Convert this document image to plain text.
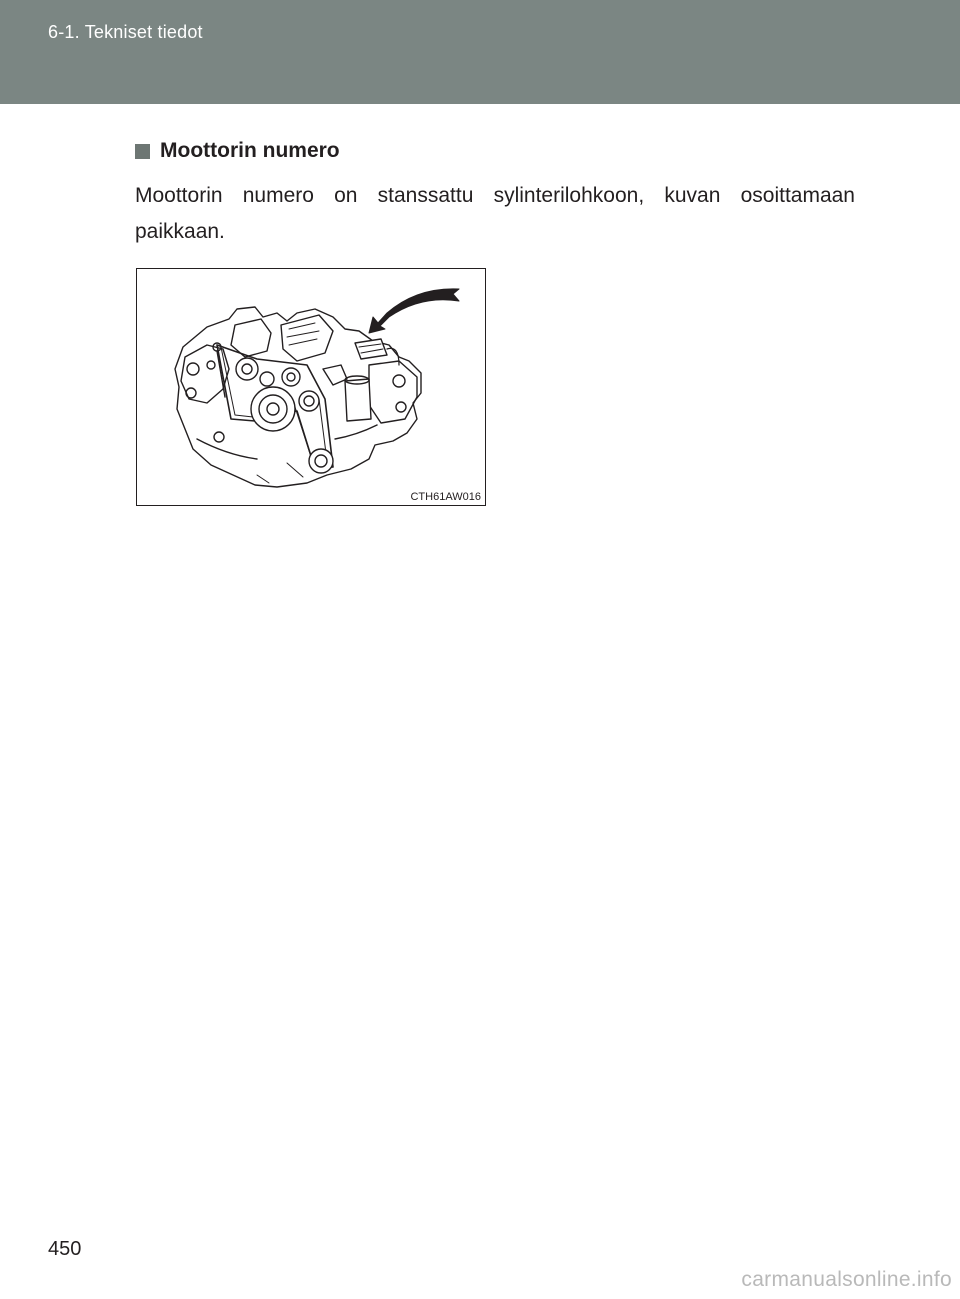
6-1. Tekniset tiedot
Moottorin numero
Moottorin numero on stanssattu sylinterilohkoon, kuvan osoittamaan paikkaan.
CTH61AW016
450
carmanualsonline.info
